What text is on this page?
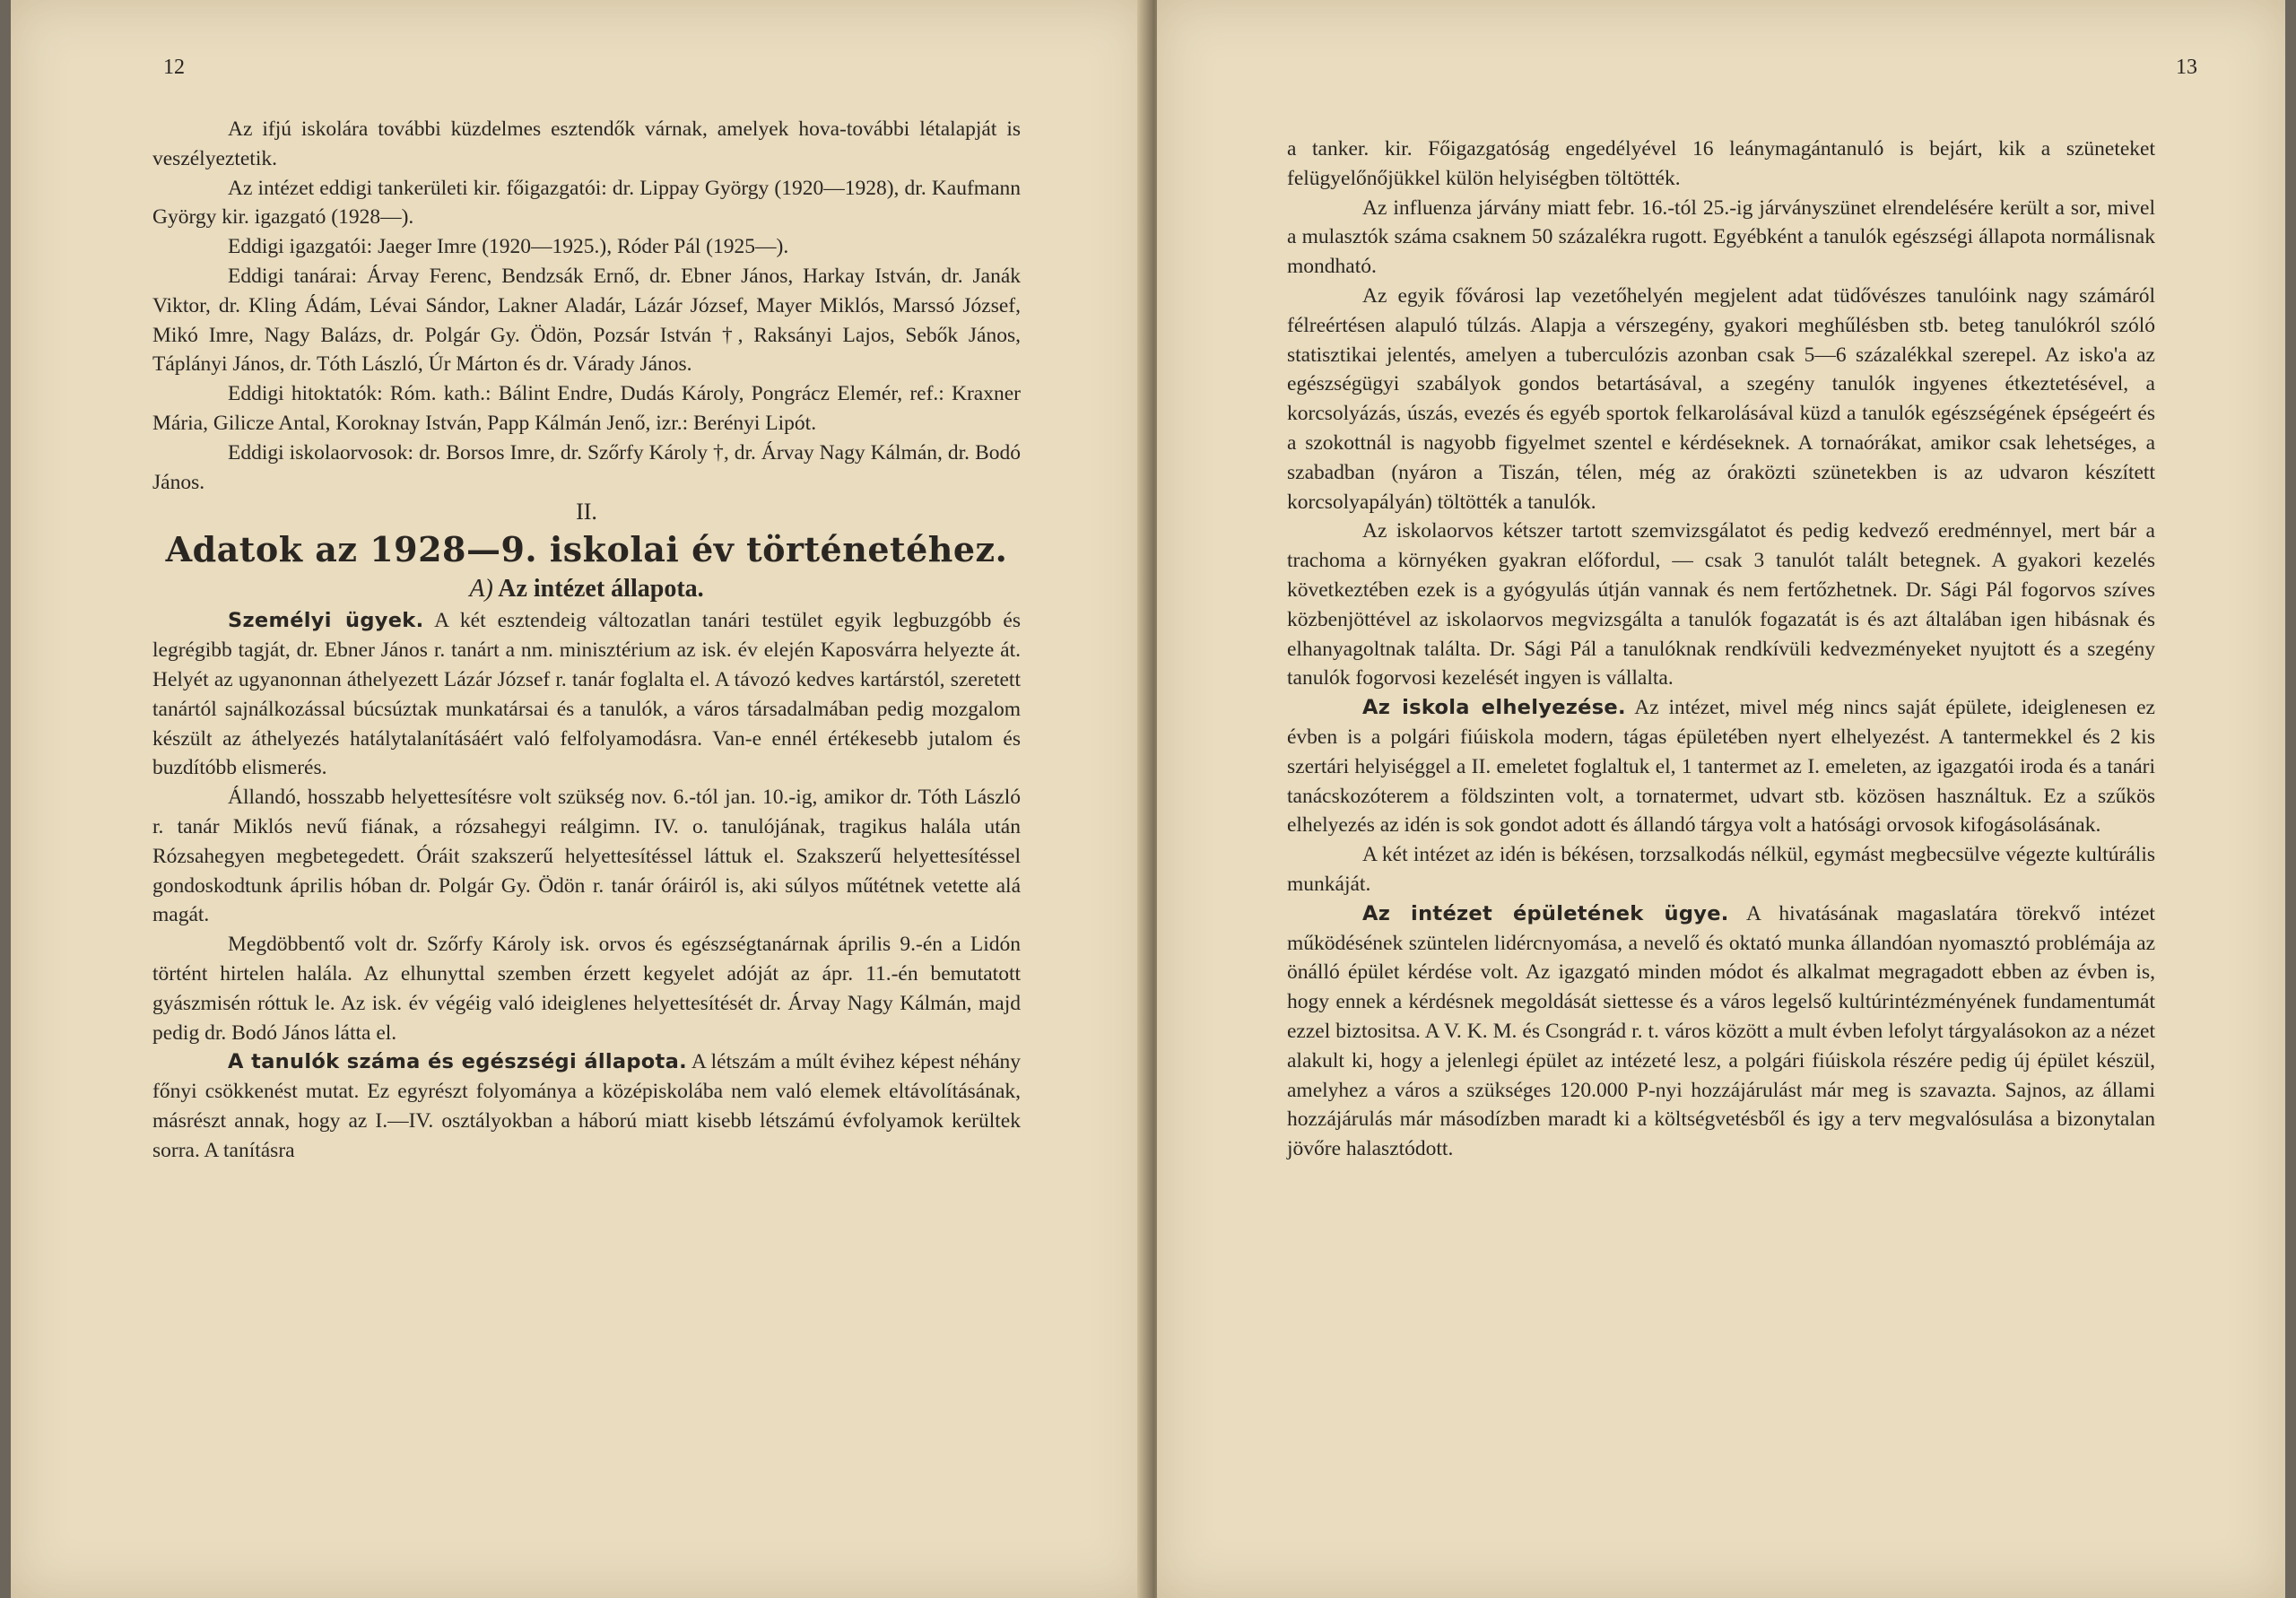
12

Az ifjú iskolára további küzdelmes esztendők várnak, amelyek hova-további létalapját is veszélyeztetik.

Az intézet eddigi tankerületi kir. főigazgatói: dr. Lippay György (1920—1928), dr. Kaufmann György kir. igazgató (1928—).

Eddigi igazgatói: Jaeger Imre (1920—1925.), Róder Pál (1925—).

Eddigi tanárai: Árvay Ferenc, Bendzsák Ernő, dr. Ebner János, Harkay István, dr. Janák Viktor, dr. Kling Ádám, Lévai Sándor, Lakner Aladár, Lázár József, Mayer Miklós, Marssó József, Mikó Imre, Nagy Balázs, dr. Polgár Gy. Ödön, Pozsár István †, Raksányi Lajos, Sebők János, Táplányi János, dr. Tóth László, Úr Márton és dr. Várady János.

Eddigi hitoktatók: Róm. kath.: Bálint Endre, Dudás Károly, Pongrácz Elemér, ref.: Kraxner Mária, Gilicze Antal, Koroknay István, Papp Kálmán Jenő, izr.: Berényi Lipót.

Eddigi iskolaorvosok: dr. Borsos Imre, dr. Szőrfy Károly †, dr. Árvay Nagy Kálmán, dr. Bodó János.

II.

Adatok az 1928—9. iskolai év történetéhez.

A) Az intézet állapota.

Személyi ügyek. A két esztendeig változatlan tanári testület egyik legbuzgóbb és legrégibb tagját, dr. Ebner János r. tanárt a nm. minisztérium az isk. év elején Kaposvárra helyezte át. Helyét az ugyanonnan áthelyezett Lázár József r. tanár foglalta el. A távozó kedves kartárstól, szeretett tanártól sajnálkozással búcsúztak munkatársai és a tanulók, a város társadalmában pedig mozgalom készült az áthelyezés hatálytalanításáért való felfolyamodásra. Van-e ennél értékesebb jutalom és buzdítóbb elismerés.

Állandó, hosszabb helyettesítésre volt szükség nov. 6.-tól jan. 10.-ig, amikor dr. Tóth László r. tanár Miklós nevű fiának, a rózsahegyi reálgimn. IV. o. tanulójának, tragikus halála után Rózsahegyen megbetegedett. Óráit szakszerű helyettesítéssel láttuk el. Szakszerű helyettesítéssel gondoskodtunk április hóban dr. Polgár Gy. Ödön r. tanár óráiról is, aki súlyos műtétnek vetette alá magát.

Megdöbbentő volt dr. Szőrfy Károly isk. orvos és egészségtanárnak április 9.-én a Lidón történt hirtelen halála. Az elhunyttal szemben érzett kegyelet adóját az ápr. 11.-én bemutatott gyászmisén róttuk le. Az isk. év végéig való ideiglenes helyettesítését dr. Árvay Nagy Kálmán, majd pedig dr. Bodó János látta el.

A tanulók száma és egészségi állapota. A létszám a múlt évihez képest néhány főnyi csökkenést mutat. Ez egyrészt folyománya a középiskolába nem való elemek eltávolításának, másrészt annak, hogy az I.—IV. osztályokban a háború miatt kisebb létszámú évfolyamok kerültek sorra. A tanításra

13

a tanker. kir. Főigazgatóság engedélyével 16 leánymagántanuló is bejárt, kik a szüneteket felügyelőnőjükkel külön helyiségben töltötték.

Az influenza járvány miatt febr. 16.-tól 25.-ig járványszünet elrendelésére került a sor, mivel a mulasztók száma csaknem 50 százalékra rugott. Egyébként a tanulók egészségi állapota normálisnak mondható.

Az egyik fővárosi lap vezetőhelyén megjelent adat tüdővészes tanulóink nagy számáról félreértésen alapuló túlzás. Alapja a vérszegény, gyakori meghűlésben stb. beteg tanulókról szóló statisztikai jelentés, amelyen a tuberculózis azonban csak 5—6 százalékkal szerepel. Az isko'a az egészségügyi szabályok gondos betartásával, a szegény tanulók ingyenes étkeztetésével, a korcsolyázás, úszás, evezés és egyéb sportok felkarolásával küzd a tanulók egészségének épségeért és a szokottnál is nagyobb figyelmet szentel e kérdéseknek. A tornaórákat, amikor csak lehetséges, a szabadban (nyáron a Tiszán, télen, még az óraközti szünetekben is az udvaron készített korcsolyapályán) töltötték a tanulók.

Az iskolaorvos kétszer tartott szemvizsgálatot és pedig kedvező eredménnyel, mert bár a trachoma a környéken gyakran előfordul, — csak 3 tanulót talált betegnek. A gyakori kezelés következtében ezek is a gyógyulás útján vannak és nem fertőzhetnek. Dr. Sági Pál fogorvos szíves közbenjöttével az iskolaorvos megvizsgálta a tanulók fogazatát is és azt általában igen hibásnak és elhanyagoltnak találta. Dr. Sági Pál a tanulóknak rendkívüli kedvezményeket nyujtott és a szegény tanulók fogorvosi kezelését ingyen is vállalta.

Az iskola elhelyezése. Az intézet, mivel még nincs saját épülete, ideiglenesen ez évben is a polgári fiúiskola modern, tágas épületében nyert elhelyezést. A tantermekkel és 2 kis szertári helyiséggel a II. emeletet foglaltuk el, 1 tantermet az I. emeleten, az igazgatói iroda és a tanári tanácskozóterem a földszinten volt, a tornatermet, udvart stb. közösen használtuk. Ez a szűkös elhelyezés az idén is sok gondot adott és állandó tárgya volt a hatósági orvosok kifogásolásának.

A két intézet az idén is békésen, torzsalkodás nélkül, egymást megbecsülve végezte kultúrális munkáját.

Az intézet épületének ügye. A hivatásának magaslatára törekvő intézet működésének szüntelen lidércnyomása, a nevelő és oktató munka állandóan nyomasztó problémája az önálló épület kérdése volt. Az igazgató minden módot és alkalmat megragadott ebben az évben is, hogy ennek a kérdésnek megoldását siettesse és a város legelső kultúrintézményének fundamentumát ezzel biztositsa. A V. K. M. és Csongrád r. t. város között a mult évben lefolyt tárgyalásokon az a nézet alakult ki, hogy a jelenlegi épület az intézeté lesz, a polgári fiúiskola részére pedig új épület készül, amelyhez a város a szükséges 120.000 P-nyi hozzájárulást már meg is szavazta. Sajnos, az állami hozzájárulás már másodízben maradt ki a költségvetésből és igy a terv megvalósulása a bizonytalan jövőre halasztódott.
